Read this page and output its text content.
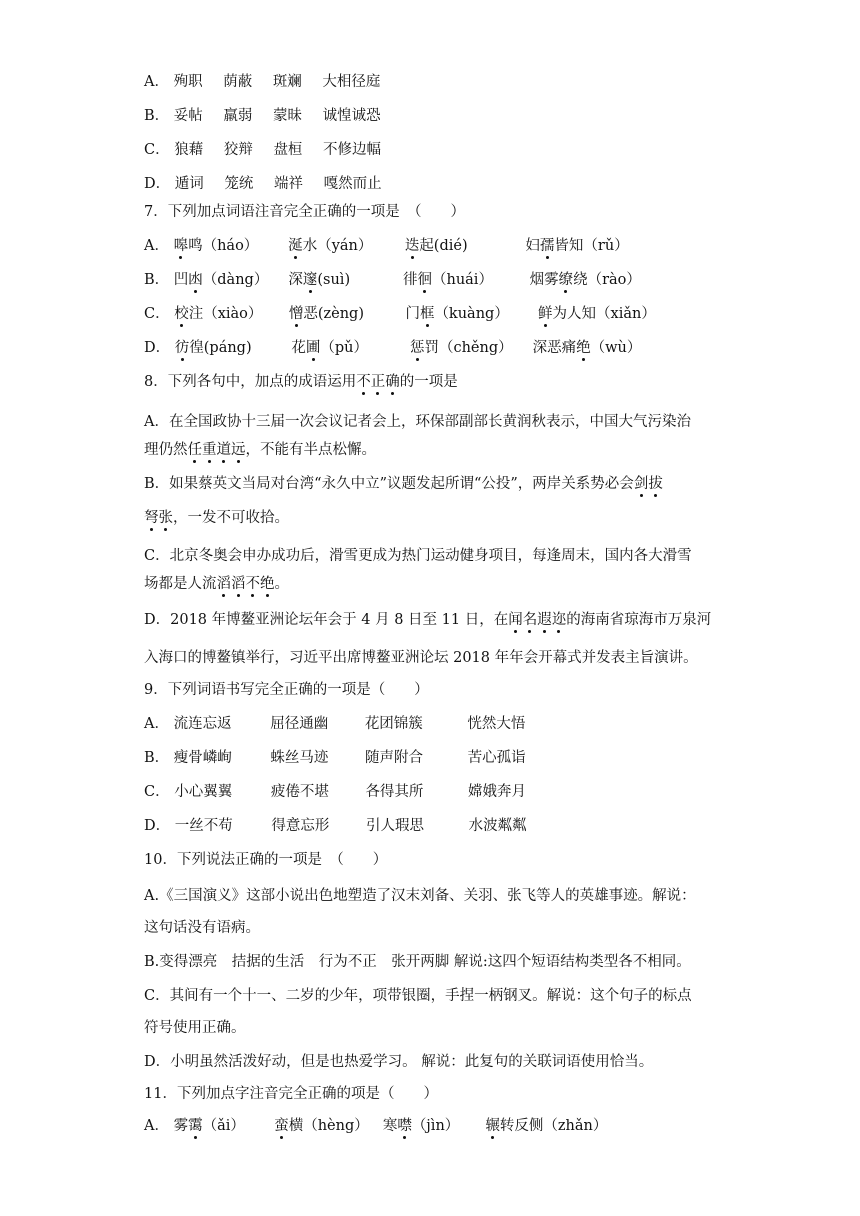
A． 殉职 荫蔽 斑斓 大相径庭
B． 妥帖 羸弱 蒙昧 诚惶诚恐
C． 狼藉 狡辩 盘桓 不修边幅
D． 遁词 笼统 端祥 嘎然而止
7．下列加点词语注音完全正确的一项是　（　　）
A． 嗥鸣（háo） 涎水（yán） 迭起(dié)	妇孺皆知（rǔ）
B． 凹凼（dàng） 深邃(suì)	徘徊（huái）	烟雾缭绕（rào）
C． 校注（xiào） 憎恶(zèng)	门框（kuàng） 鲜为人知（xiǎn）
D． 彷徨(páng)	花圃（pǔ）	惩罚（chěng） 深恶痛绝（wù）
8．下列各句中，加点的成语运用不正确的一项是
A．在全国政协十三届一次会议记者会上，环保部副部长黄润秋表示，中国大气污染治
理仍然任重道远，不能有半点松懈。
B．如果蔡英文当局对台湾“永久中立”议题发起所谓“公投”，两岸关系势必会剑拔
弩张，一发不可收拾。
C．北京冬奥会申办成功后，滑雪更成为热门运动健身项目，每逢周末，国内各大滑雪
场都是人流滔滔不绝。
D．2018 年博鳌亚洲论坛年会于 4 月 8 日至 11 日，在闻名遐迩的海南省琼海市万泉河
入海口的博鳌镇举行，习近平出席博鳌亚洲论坛 2018 年年会开幕式并发表主旨演讲。
9．下列词语书写完全正确的一项是（　　）
A． 流连忘返	屈径通幽	花团锦簇	恍然大悟
B． 瘦骨嶙峋	蛛丝马迹	随声附合	苦心孤诣
C． 小心翼翼	疲倦不堪	各得其所	嫦娥奔月
D． 一丝不苟	得意忘形	引人瑕思	水波粼粼
10．下列说法正确的一项是　（　　）
A.《三国演义》这部小说出色地塑造了汉末刘备、关羽、张飞等人的英雄事迹。解说：
这句话没有语病。
B.变得漂亮　拮据的生活　行为不正　张开两脚 解说:这四个短语结构类型各不相同。
C．其间有一个十一、二岁的少年，项带银圈，手捏一柄钢叉。解说：这个句子的标点
符号使用正确。
D．小明虽然活泼好动，但是也热爱学习。 解说：此复句的关联词语使用恰当。
11．下列加点字注音完全正确的项是（　　）
A． 雾霭（ǎi） 蛮横（hèng） 寒噤（jìn） 辗转反侧（zhǎn）
